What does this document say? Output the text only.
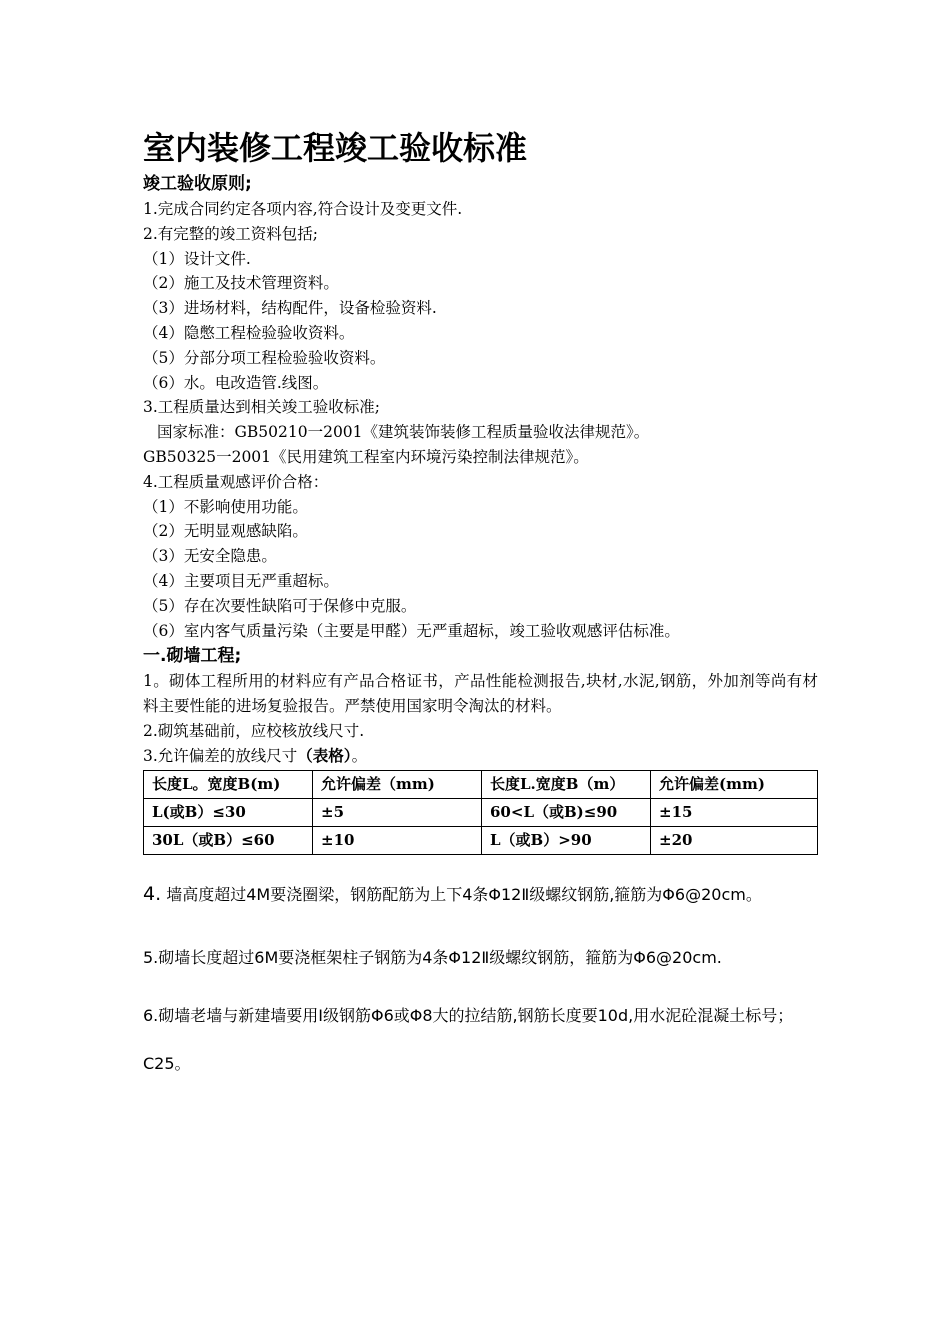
室内装修工程竣工验收标准
竣工验收原则;

1.完成合同约定各项内容,符合设计及变更文件.

2.有完整的竣工资料包括;

（1）设计文件.

（2）施工及技术管理资料。

（3）进场材料，结构配件，设备检验资料.

（4）隐憋工程检验验收资料。

（5）分部分项工程检验验收资料。

（6）水。电改造管.线图。

3.工程质量达到相关竣工验收标准;

国家标准：GB50210一2001《建筑装饰装修工程质量验收法律规范》。

GB50325一2001《民用建筑工程室内环境污染控制法律规范》。

4.工程质量观感评价合格：

（1）不影响使用功能。

（2）无明显观感缺陷。

（3）无安全隐患。

（4）主要项目无严重超标。

（5）存在次要性缺陷可于保修中克服。

（6）室内客气质量污染（主要是甲醛）无严重超标，竣工验收观感评估标准。

一.砌墙工程;

1。砌体工程所用的材料应有产品合格证书，产品性能检测报告,块材,水泥,钢筋，外加剂等尚有材料主要性能的进场复验报告。严禁使用国家明令淘汰的材料。

2.砌筑基础前，应校核放线尺寸.

3.允许偏差的放线尺寸（表格）。

长度L。宽度B(m)	允许偏差（mm)	长度L.宽度B（m）	允许偏差(mm)
L(或B）≤30	±5	60<L（或B)≤90	±15
30L（或B）≤60	±10	L（或B）>90	±20

4. 墙高度超过4M要浇圈梁，钢筋配筋为上下4条Φ12Ⅱ级螺纹钢筋,箍筋为Φ6@20cm。

5.砌墙长度超过6M要浇框架柱子钢筋为4条Φ12Ⅱ级螺纹钢筋，箍筋为Φ6@20cm.

6.砌墙老墙与新建墙要用Ⅰ级钢筋Φ6或Φ8大的拉结筋,钢筋长度要10d,用水泥砼混凝土标号；C25。
